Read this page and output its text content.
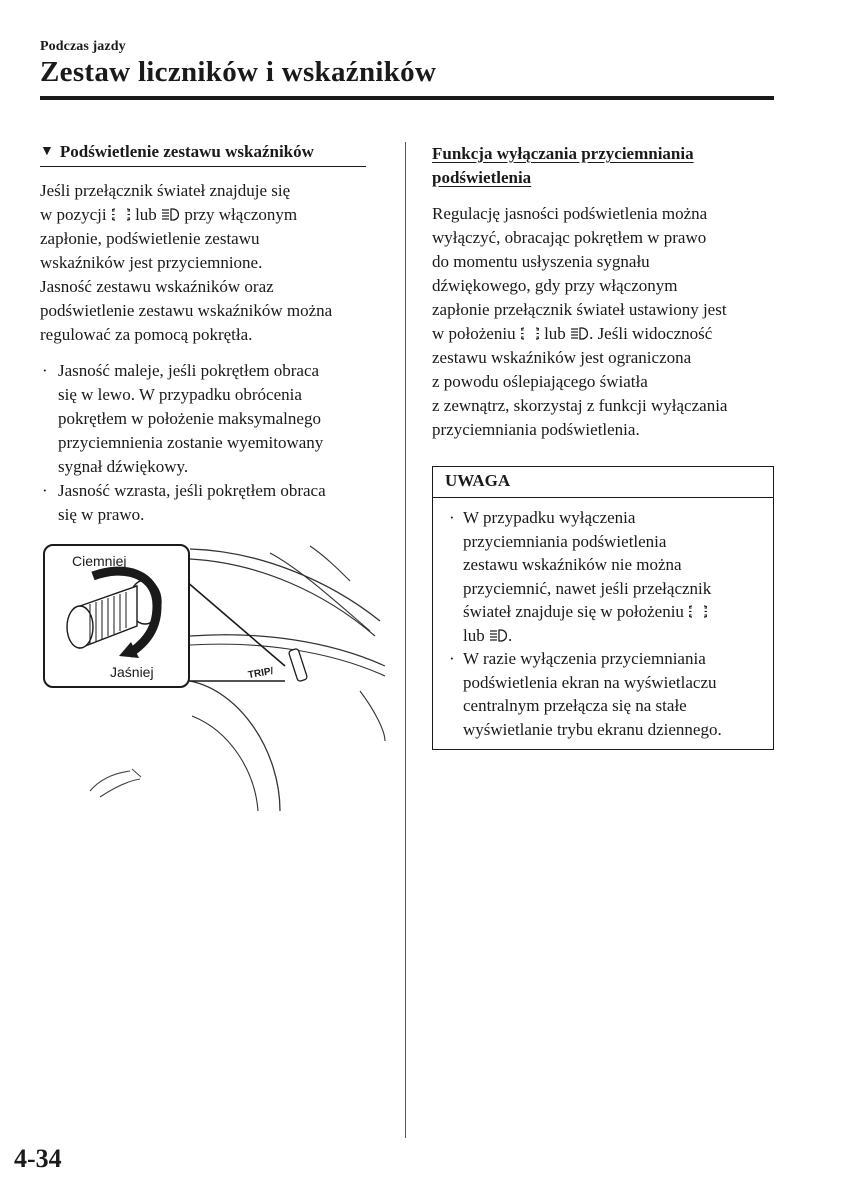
Podczas jazdy
Zestaw liczników i wskaźników
▼ Podświetlenie zestawu wskaźników

Jeśli przełącznik świateł znajduje się
w pozycji lub przy włączonym
zapłonie, podświetlenie zestawu
wskaźników jest przyciemnione.
Jasność zestawu wskaźników oraz
podświetlenie zestawu wskaźników można
regulować za pomocą pokrętła.

· Jasność maleje, jeśli pokrętłem obraca
się w lewo. W przypadku obrócenia
pokrętłem w położenie maksymalnego
przyciemnienia zostanie wyemitowany
sygnał dźwiękowy.
· Jasność wzrasta, jeśli pokrętłem obraca
się w prawo.
Ciemniej
Jaśniej	TRIP/

Funkcja wyłączania przyciemniania
podświetlenia

Regulację jasności podświetlenia można
wyłączyć, obracając pokrętłem w prawo
do momentu usłyszenia sygnału
dźwiękowego, gdy przy włączonym
zapłonie przełącznik świateł ustawiony jest
w położeniu lub . Jeśli widoczność
zestawu wskaźników jest ograniczona
z powodu oślepiającego światła
z zewnątrz, skorzystaj z funkcji wyłączania
przyciemniania podświetlenia.

UWAGA
· W przypadku wyłączenia
przyciemniania podświetlenia
zestawu wskaźników nie można
przyciemnić, nawet jeśli przełącznik
świateł znajduje się w położeniu
lub .
· W razie wyłączenia przyciemniania
podświetlenia ekran na wyświetlaczu
centralnym przełącza się na stałe
wyświetlanie trybu ekranu dziennego.
4-34
